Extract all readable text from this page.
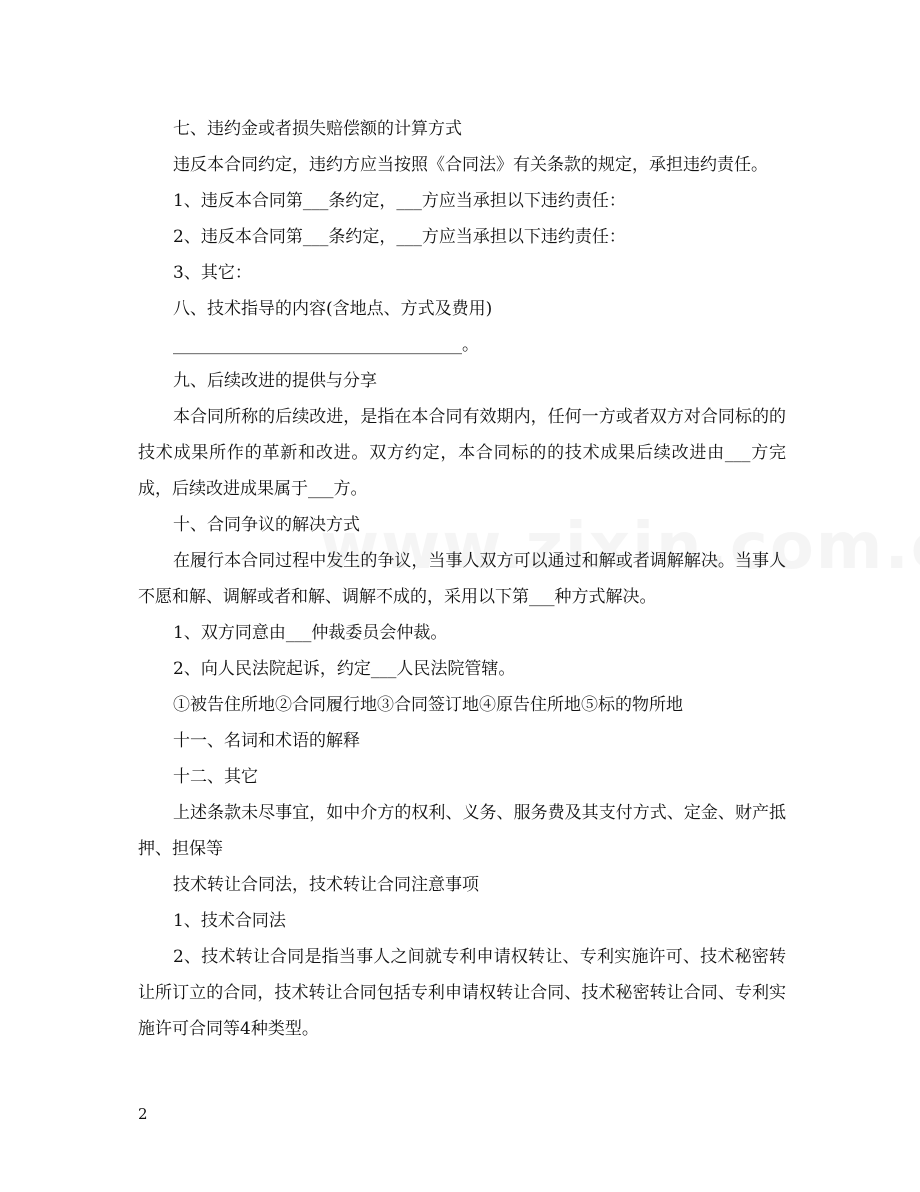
七、违约金或者损失赔偿额的计算方式

违反本合同约定，违约方应当按照《合同法》有关条款的规定，承担违约责任。

1、违反本合同第___条约定，___方应当承担以下违约责任：

2、违反本合同第___条约定，___方应当承担以下违约责任：

3、其它：

八、技术指导的内容(含地点、方式及费用)

__________________________________。

九、后续改进的提供与分享

本合同所称的后续改进，是指在本合同有效期内，任何一方或者双方对合同标的的技术成果所作的革新和改进。双方约定，本合同标的的技术成果后续改进由___方完成，后续改进成果属于___方。

十、合同争议的解决方式

在履行本合同过程中发生的争议，当事人双方可以通过和解或者调解解决。当事人不愿和解、调解或者和解、调解不成的，采用以下第___种方式解决。

1、双方同意由___仲裁委员会仲裁。

2、向人民法院起诉，约定___人民法院管辖。

①被告住所地②合同履行地③合同签订地④原告住所地⑤标的物所地

十一、名词和术语的解释

十二、其它

上述条款未尽事宜，如中介方的权利、义务、服务费及其支付方式、定金、财产抵押、担保等

技术转让合同法，技术转让合同注意事项

1、技术合同法

2、技术转让合同是指当事人之间就专利申请权转让、专利实施许可、技术秘密转让所订立的合同，技术转让合同包括专利申请权转让合同、技术秘密转让合同、专利实施许可合同等4种类型。

2
